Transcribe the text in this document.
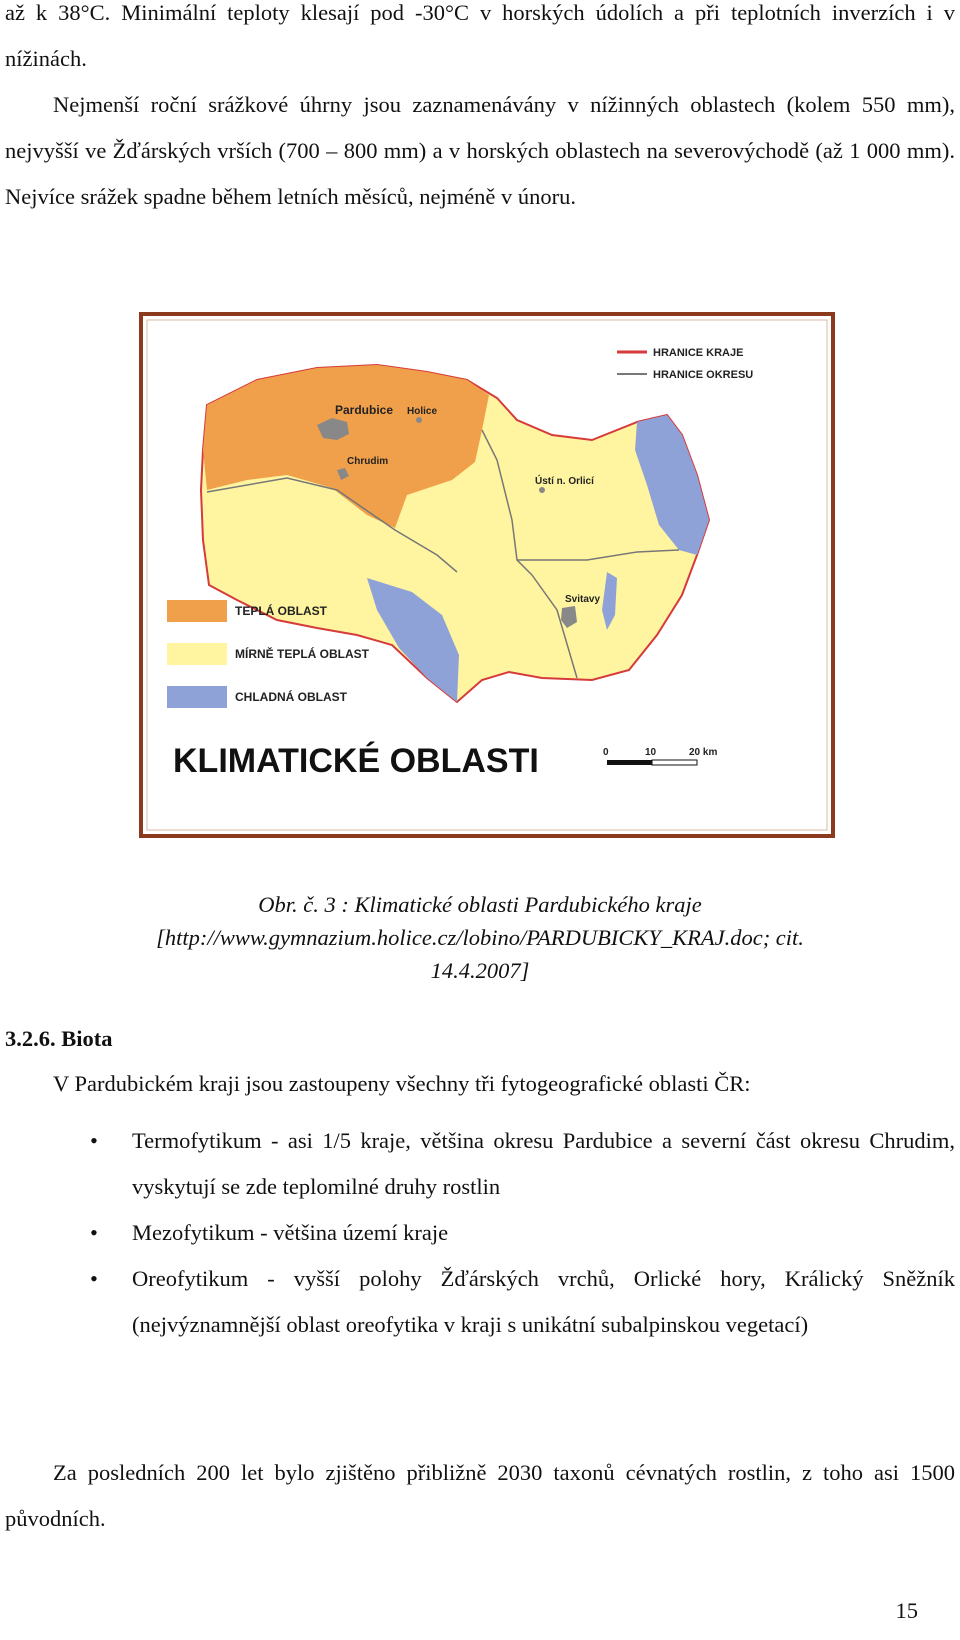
až k 38°C. Minimální teploty klesají pod -30°C v horských údolích a při teplotních inverzích i v nížinách.

Nejmenší roční srážkové úhrny jsou zaznamenávány v nížinných oblastech (kolem 550 mm), nejvyšší ve Žďárských vrších (700 – 800 mm) a v horských oblastech na severovýchodě (až 1 000 mm). Nejvíce srážek spadne během letních měsíců, nejméně v únoru.

Pardubice Holice
Chrudim
Ústí n. Orlicí
Svitavy
HRANICE KRAJE
HRANICE OKRESU
TEPLÁ OBLAST
MÍRNĚ TEPLÁ OBLAST
CHLADNÁ OBLAST
KLIMATICKÉ OBLASTI	0	10	20 km
Obr. č. 3 : Klimatické oblasti Pardubického kraje
[http://www.gymnazium.holice.cz/lobino/PARDUBICKY_KRAJ.doc; cit.
14.4.2007]
3.2.6. Biota

V Pardubickém kraji jsou zastoupeny všechny tři fytogeografické oblasti ČR:

• Termofytikum - asi 1/5 kraje, většina okresu Pardubice a severní část okresu Chrudim, vyskytují se zde teplomilné druhy rostlin
• Mezofytikum - většina území kraje
• Oreofytikum - vyšší polohy Žďárských vrchů, Orlické hory, Králický Sněžník (nejvýznamnější oblast oreofytika v kraji s unikátní subalpinskou vegetací)

Za posledních 200 let bylo zjištěno přibližně 2030 taxonů cévnatých rostlin, z toho asi 1500 původních.

15
